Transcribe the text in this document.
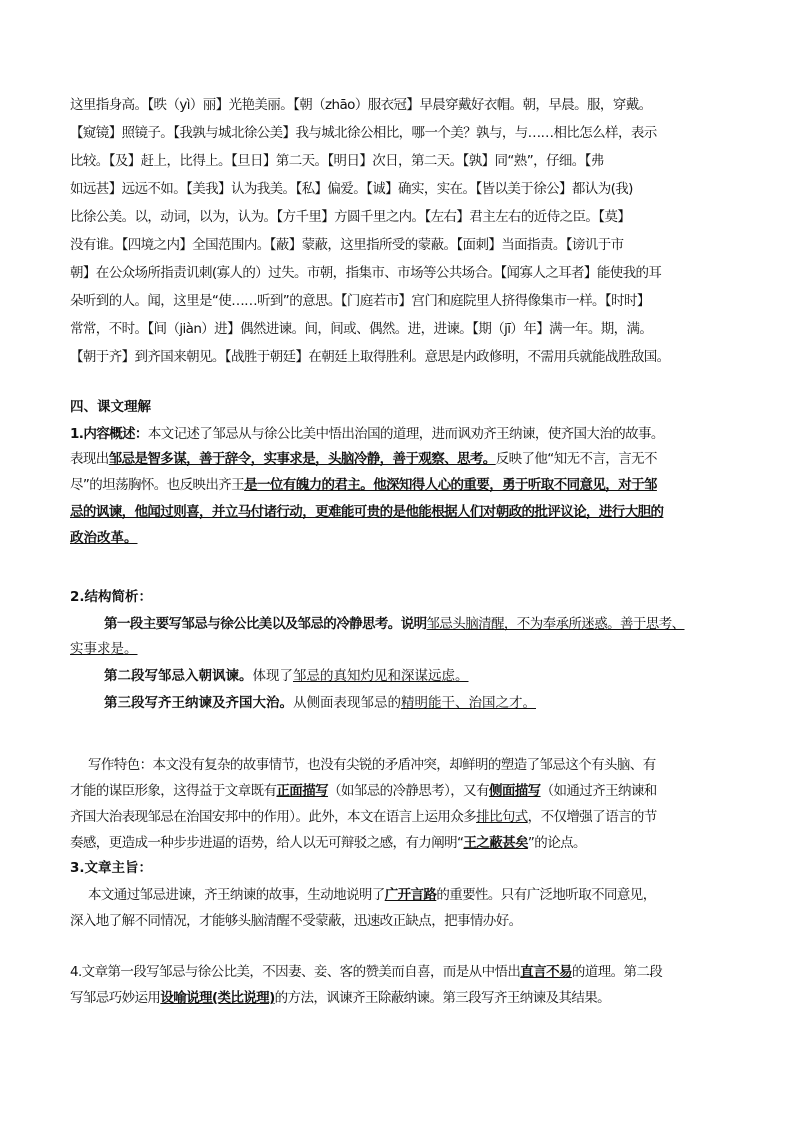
这里指身高。【昳（yì）丽】光艳美丽。【朝（zhāo）服衣冠】早晨穿戴好衣帽。朝，早晨。服，穿戴。
【窥镜】照镜子。【我孰与城北徐公美】我与城北徐公相比，哪一个美？孰与，与……相比怎么样，表示
比较。【及】赶上，比得上。【旦日】第二天。【明日】次日，第二天。【孰】同“熟”，仔细。【弗
如远甚】远远不如。【美我】认为我美。【私】偏爱。【诚】确实，实在。【皆以美于徐公】都认为(我)
比徐公美。以，动词，以为，认为。【方千里】方圆千里之内。【左右】君主左右的近侍之臣。【莫】
没有谁。【四境之内】全国范围内。【蔽】蒙蔽，这里指所受的蒙蔽。【面刺】当面指责。【谤讥于市
朝】在公众场所指责讥刺(寡人的）过失。市朝，指集市、市场等公共场合。【闻寡人之耳者】能使我的耳
朵听到的人。闻，这里是“使……听到”的意思。【门庭若市】宫门和庭院里人挤得像集市一样。【时时】
常常，不时。【间（jiàn）进】偶然进谏。间，间或、偶然。进，进谏。【期（jī）年】满一年。期，满。
【朝于齐】到齐国来朝见。【战胜于朝廷】在朝廷上取得胜利。意思是内政修明，不需用兵就能战胜敌国。
四、课文理解
1.内容概述：本文记述了邹忌从与徐公比美中悟出治国的道理，进而讽劝齐王纳谏，使齐国大治的故事。
表现出邹忌是智多谋，善于辞令，实事求是，头脑冷静，善于观察、思考。反映了他“知无不言，言无不
尽”的坦荡胸怀。也反映出齐王是一位有魄力的君主。他深知得人心的重要，勇于听取不同意见，对于邹
忌的讽谏，他闻过则喜，并立马付诸行动，更难能可贵的是他能根据人们对朝政的批评议论，进行大胆的
政治改革。
2.结构简析：
第一段主要写邹忌与徐公比美以及邹忌的冷静思考。说明邹忌头脑清醒，不为奉承所迷惑。善于思考、
实事求是。
第二段写邹忌入朝讽谏。体现了邹忌的真知灼见和深谋远虑。
第三段写齐王纳谏及齐国大治。从侧面表现邹忌的精明能干、治国之才。
写作特色：本文没有复杂的故事情节，也没有尖锐的矛盾冲突，却鲜明的塑造了邹忌这个有头脑、有
才能的谋臣形象，这得益于文章既有正面描写（如邹忌的冷静思考），又有侧面描写（如通过齐王纳谏和
齐国大治表现邹忌在治国安邦中的作用）。此外，本文在语言上运用众多排比句式，不仅增强了语言的节
奏感，更造成一种步步进逼的语势，给人以无可辩驳之感，有力阐明“王之蔽甚矣”的论点。
3.文章主旨：
本文通过邹忌进谏，齐王纳谏的故事，生动地说明了广开言路的重要性。只有广泛地听取不同意见，
深入地了解不同情况，才能够头脑清醒不受蒙蔽，迅速改正缺点，把事情办好。
4.文章第一段写邹忌与徐公比美，不因妻、妾、客的赞美而自喜，而是从中悟出直言不易的道理。第二段
写邹忌巧妙运用设喻说理(类比说理)的方法，讽谏齐王除蔽纳谏。第三段写齐王纳谏及其结果。
